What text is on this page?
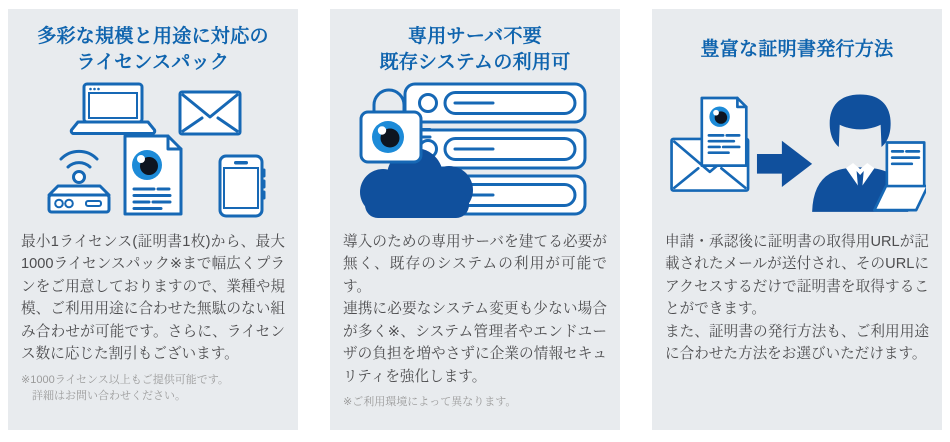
多彩な規模と用途に対応の
ライセンスパック

最小1ライセンス(証明書1枚)から、最大1000ライセンスパック※まで幅広くプランをご用意しておりますので、業種や規模、ご利用用途に合わせた無駄のない組み合わせが可能です。さらに、ライセンス数に応じた割引もございます。

※1000ライセンス以上もご提供可能です。
詳細はお問い合わせください。
専用サーバ不要
既存システムの利用可

導入のための専用サーバを建てる必要が無く、既存のシステムの利用が可能です。

連携に必要なシステム変更も少ない場合が多く※、システム管理者やエンドユーザの負担を増やさずに企業の情報セキュリティを強化します。

※ご利用環境によって異なります。
豊富な証明書発行方法

申請・承認後に証明書の取得用URLが記載されたメールが送付され、そのURLにアクセスするだけで証明書を取得することができます。

また、証明書の発行方法も、ご利用用途に合わせた方法をお選びいただけます。
